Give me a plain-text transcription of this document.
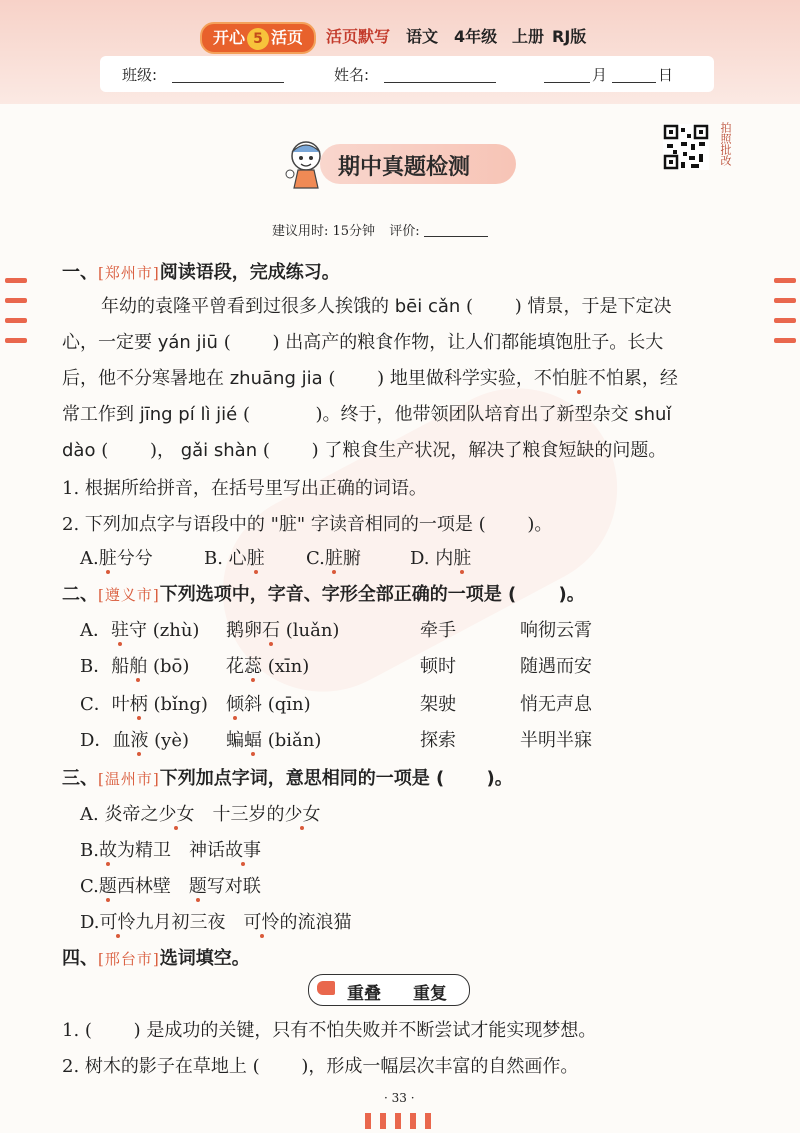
开心 5 活页	活页默写 语文 4年级 上册 RJ版
班级:	姓名:	月	日
期中真题检测
拍照批改
建议用时: 15分钟 评价:
一、[郑州市]阅读语段，完成练习。
年幼的袁隆平曾看到过很多人挨饿的 bēi cǎn ( 　　) 情景，于是下定决
心，一定要 yán jiū ( 　　) 出高产的粮食作物，让人们都能填饱肚子。长大
后，他不分寒暑地在 zhuāng jia ( 　　) 地里做科学实验，不怕脏不怕累，经
常工作到 jīng pí lì jié ( 　　　 )。终于，他带领团队培育出了新型杂交 shuǐ
dào ( 　　)， gǎi shàn ( 　　) 了粮食生产状况，解决了粮食短缺的问题。
1. 根据所给拼音，在括号里写出正确的词语。
2. 下列加点字与语段中的 "脏" 字读音相同的一项是 (　　 )。
A.脏兮兮	B. 心脏 C.脏腑	D. 内脏
二、[遵义市]下列选项中，字音、字形全部正确的一项是 (　　 )。
A．驻守 (zhù) 鹅卵石 (luǎn)	牵手	响彻云霄
B．船舶 (bō) 花蕊 (xīn)	顿时	随遇而安
C．叶柄 (bǐng) 倾斜 (qīn)	架驶	悄无声息
D．血液 (yè) 蝙蝠 (biǎn)	探索	半明半寐
三、[温州市]下列加点字词，意思相同的一项是 (　　 )。
A. 炎帝之少女　十三岁的少女
B.故为精卫　神话故事
C.题西林壁　 题写对联
D.可怜九月初三夜　 可怜的流浪猫
四、[邢台市]选词填空。
重叠 重复
1. (　　 ) 是成功的关键，只有不怕失败并不断尝试才能实现梦想。
2. 树木的影子在草地上 (　　 )，形成一幅层次丰富的自然画作。
· 33 ·
